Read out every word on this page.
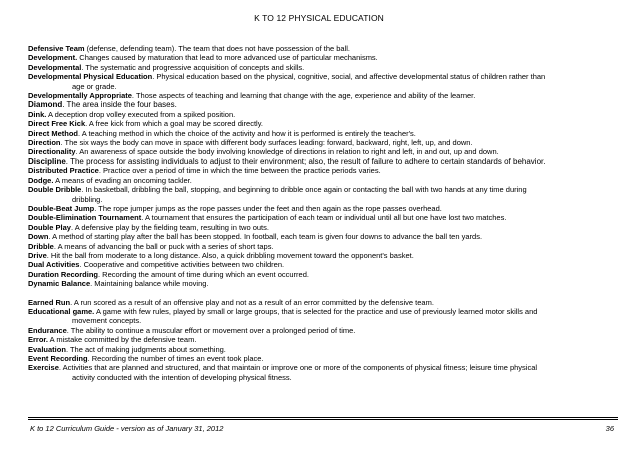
K TO 12 PHYSICAL EDUCATION

Defensive Team (defense, defending team). The team that does not have possession of the ball.

Development. Changes caused by maturation that lead to more advanced use of particular mechanisms.

Developmental. The systematic and progressive acquisition of concepts and skills.

Developmental Physical Education. Physical education based on the physical, cognitive, social, and affective developmental status of children rather than
age or grade.

Developmentally Appropriate. Those aspects of teaching and learning that change with the age, experience and ability of the learner.

Diamond. The area inside the four bases.

Dink. A deception drop volley executed from a spiked position.

Direct Free Kick. A free kick from which a goal may be scored directly.

Direct Method. A teaching method in which the choice of the activity and how it is performed is entirely the teacher's.

Direction. The six ways the body can move in space with different body surfaces leading: forward, backward, right, left, up, and down.

Directionality. An awareness of space outside the body involving knowledge of directions in relation to right and left, in and out, up and down.

Discipline. The process for assisting individuals to adjust to their environment; also, the result of failure to adhere to certain standards of behavior.

Distributed Practice. Practice over a period of time in which the time between the practice periods varies.

Dodge. A means of evading an oncoming tackler.

Double Dribble. In basketball, dribbling the ball, stopping, and beginning to dribble once again or contacting the ball with two hands at any time during
dribbling.

Double-Beat Jump. The rope jumper jumps as the rope passes under the feet and then again as the rope passes overhead.

Double-Elimination Tournament. A tournament that ensures the participation of each team or individual until all but one have lost two matches.

Double Play. A defensive play by the fielding team, resulting in two outs.

Down. A method of starting play after the ball has been stopped. In football, each team is given four downs to advance the ball ten yards.

Dribble. A means of advancing the ball or puck with a series of short taps.

Drive. Hit the ball from moderate to a long distance. Also, a quick dribbling movement toward the opponent's basket.

Dual Activities. Cooperative and competitive activities between two children.

Duration Recording. Recording the amount of time during which an event occurred.

Dynamic Balance. Maintaining balance while moving.

Earned Run. A run scored as a result of an offensive play and not as a result of an error committed by the defensive team.

Educational game. A game with few rules, played by small or large groups, that is selected for the practice and use of previously learned motor skills and
movement concepts.

Endurance. The ability to continue a muscular effort or movement over a prolonged period of time.

Error. A mistake committed by the defensive team.

Evaluation. The act of making judgments about something.

Event Recording. Recording the number of times an event took place.

Exercise. Activities that are planned and structured, and that maintain or improve one or more of the components of physical fitness; leisure time physical
activity conducted with the intention of developing physical fitness.

K to 12 Curriculum Guide - version as of January 31, 2012	36
